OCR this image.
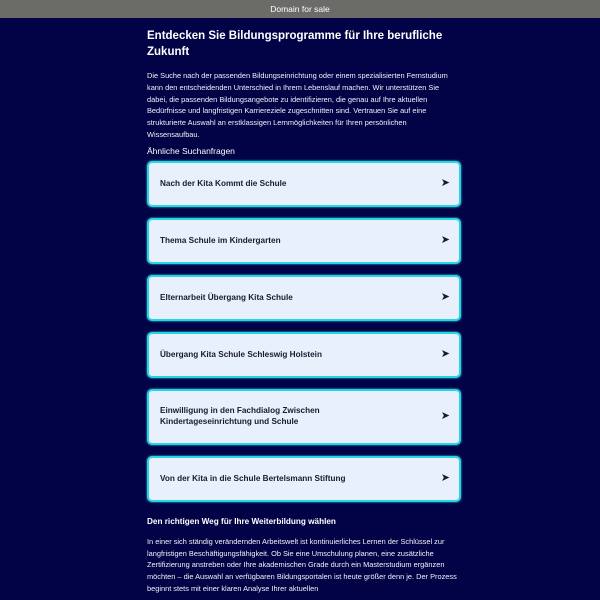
Domain for sale
Entdecken Sie Bildungsprogramme für Ihre berufliche Zukunft

Die Suche nach der passenden Bildungseinrichtung oder einem spezialisierten Fernstudium kann den entscheidenden Unterschied in Ihrem Lebenslauf machen. Wir unterstützen Sie dabei, die passenden Bildungsangebote zu identifizieren, die genau auf Ihre aktuellen Bedürfnisse und langfristigen Karriereziele zugeschnitten sind. Vertrauen Sie auf eine strukturierte Auswahl an erstklassigen Lernmöglichkeiten für Ihren persönlichen Wissensaufbau.

Ähnliche Suchanfragen
Nach der Kita Kommt die Schule	➤
Thema Schule im Kindergarten	➤
Elternarbeit Übergang Kita Schule	➤
Übergang Kita Schule Schleswig Holstein	➤
Einwilligung in den Fachdialog Zwischen Kindertageseinrichtung und Schule	➤
Von der Kita in die Schule Bertelsmann Stiftung	➤
Den richtigen Weg für Ihre Weiterbildung wählen

In einer sich ständig verändernden Arbeitswelt ist kontinuierliches Lernen der Schlüssel zur langfristigen Beschäftigungsfähigkeit. Ob Sie eine Umschulung planen, eine zusätzliche Zertifizierung anstreben oder Ihre akademischen Grade durch ein Masterstudium ergänzen möchten – die Auswahl an verfügbaren Bildungsportalen ist heute größer denn je. Der Prozess beginnt stets mit einer klaren Analyse Ihrer aktuellen
